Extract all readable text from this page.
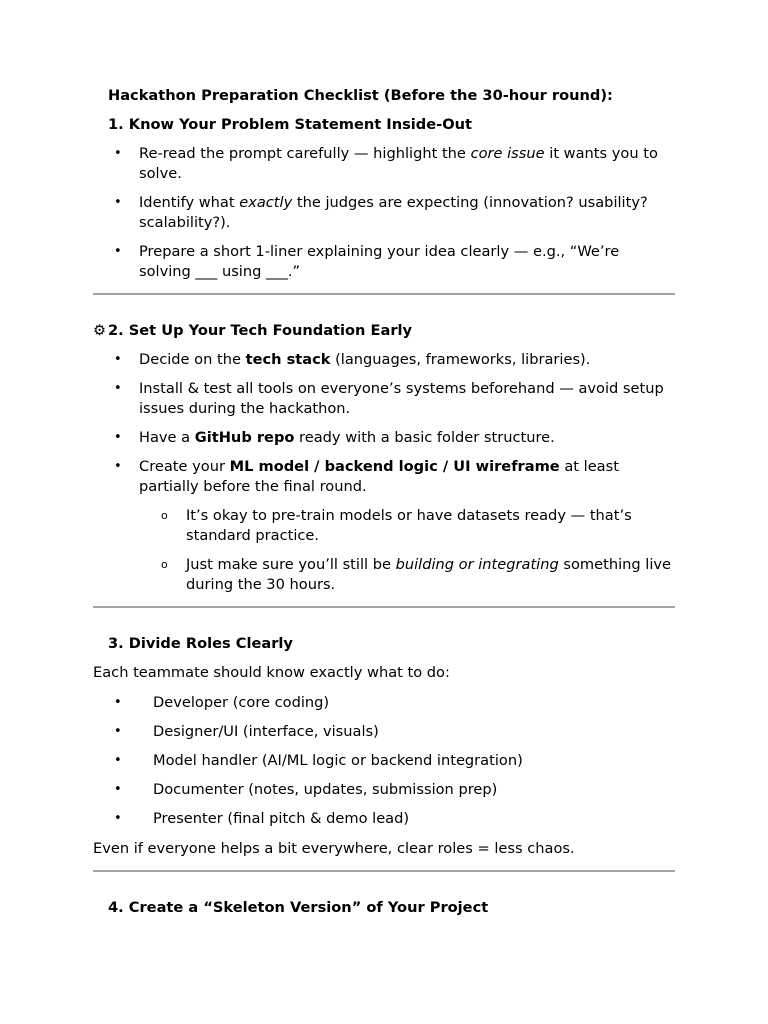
Hackathon Preparation Checklist (Before the 30-hour round):
1. Know Your Problem Statement Inside-Out
• Re-read the prompt carefully — highlight the core issue it wants you to solve.
• Identify what exactly the judges are expecting (innovation? usability? scalability?).
• Prepare a short 1-liner explaining your idea clearly — e.g., “We’re solving ___ using ___.”
⚙ 2. Set Up Your Tech Foundation Early
• Decide on the tech stack (languages, frameworks, libraries).
• Install & test all tools on everyone’s systems beforehand — avoid setup issues during the hackathon.
• Have a GitHub repo ready with a basic folder structure.
• Create your ML model / backend logic / UI wireframe at least partially before the final round.
o It’s okay to pre-train models or have datasets ready — that’s standard practice.
o Just make sure you’ll still be building or integrating something live during the 30 hours.
3. Divide Roles Clearly

Each teammate should know exactly what to do:

• Developer (core coding)
• Designer/UI (interface, visuals)
• Model handler (AI/ML logic or backend integration)
• Documenter (notes, updates, submission prep)
• Presenter (final pitch & demo lead)

Even if everyone helps a bit everywhere, clear roles = less chaos.

4. Create a “Skeleton Version” of Your Project
